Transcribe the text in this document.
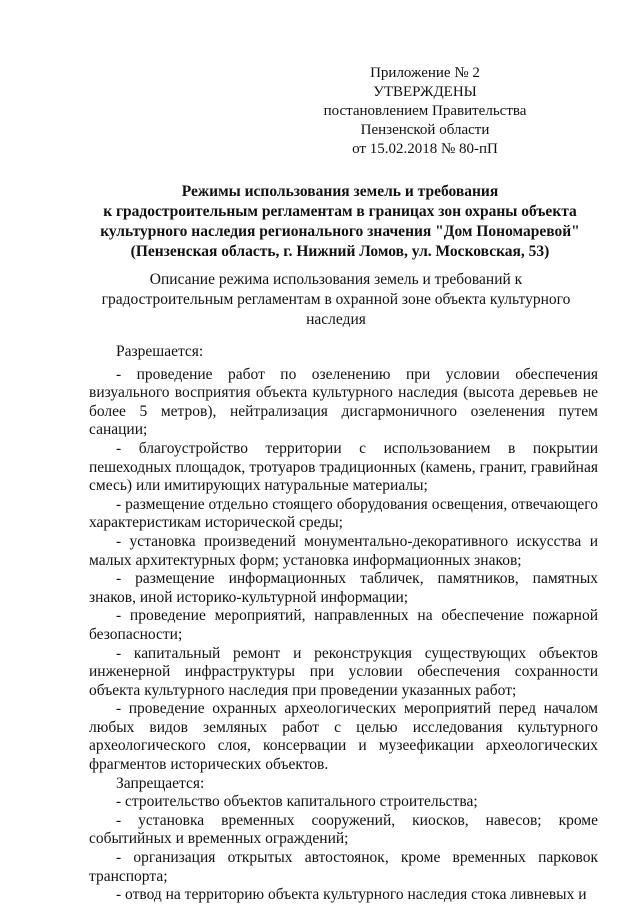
Приложение № 2
УТВЕРЖДЕНЫ
постановлением Правительства
Пензенской области
от 15.02.2018 № 80-пП
Режимы использования земель и требования
к градостроительным регламентам в границах зон охраны объекта
культурного наследия регионального значения "Дом Пономаревой"
(Пензенская область, г. Нижний Ломов, ул. Московская, 53)
Описание режима использования земель и требований к
градостроительным регламентам в охранной зоне объекта культурного
наследия

Разрешается:

- проведение работ по озеленению при условии обеспечения визуального восприятия объекта культурного наследия (высота деревьев не более 5 метров), нейтрализация дисгармоничного озеленения путем санации;

- благоустройство территории с использованием в покрытии пешеходных площадок, тротуаров традиционных (камень, гранит, гравийная смесь) или имитирующих натуральные материалы;

- размещение отдельно стоящего оборудования освещения, отвечающего характеристикам исторической среды;

- установка произведений монументально-декоративного искусства и малых архитектурных форм; установка информационных знаков;

- размещение информационных табличек, памятников, памятных знаков, иной историко-культурной информации;

- проведение мероприятий, направленных на обеспечение пожарной безопасности;

- капитальный ремонт и реконструкция существующих объектов инженерной инфраструктуры при условии обеспечения сохранности объекта культурного наследия при проведении указанных работ;

- проведение охранных археологических мероприятий перед началом любых видов земляных работ с целью исследования культурного археологического слоя, консервации и музеефикации археологических фрагментов исторических объектов.

Запрещается:

- строительство объектов капитального строительства;

- установка временных сооружений, киосков, навесов; кроме событийных и временных ограждений;

- организация открытых автостоянок, кроме временных парковок транспорта;

- отвод на территорию объекта культурного наследия стока ливневых и
